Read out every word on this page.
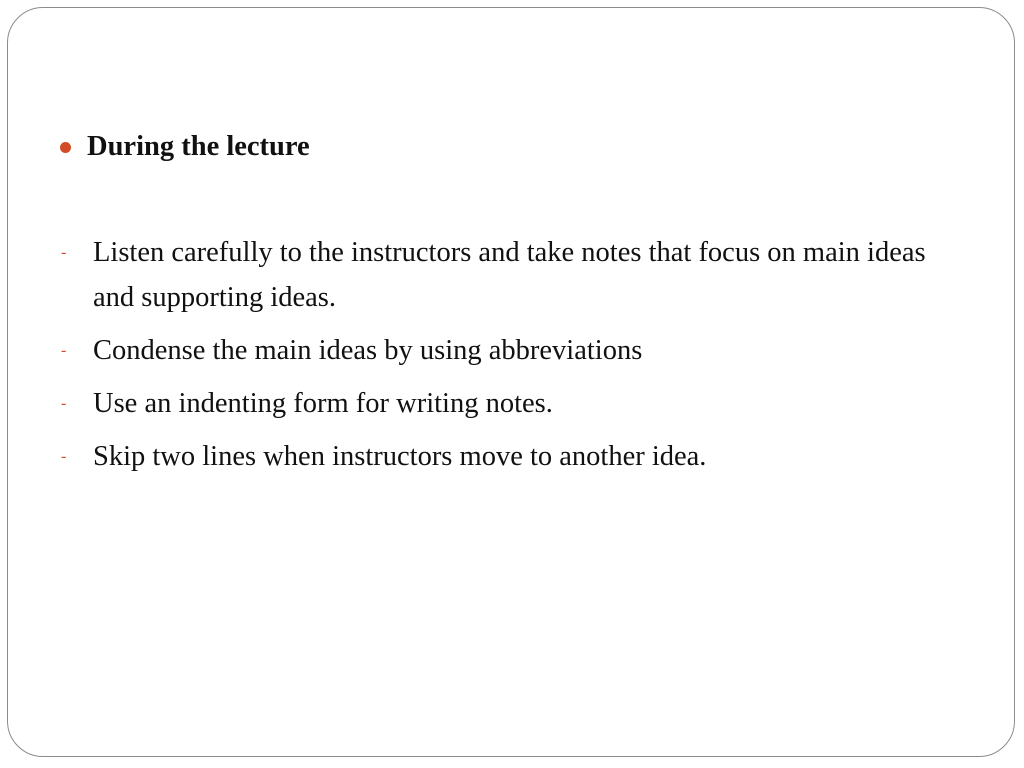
During the lecture
- Listen carefully to the instructors and take notes that focus on main ideas and supporting ideas.
- Condense the main ideas by using abbreviations
- Use an indenting form for writing notes.
- Skip two lines when instructors move to another idea.
